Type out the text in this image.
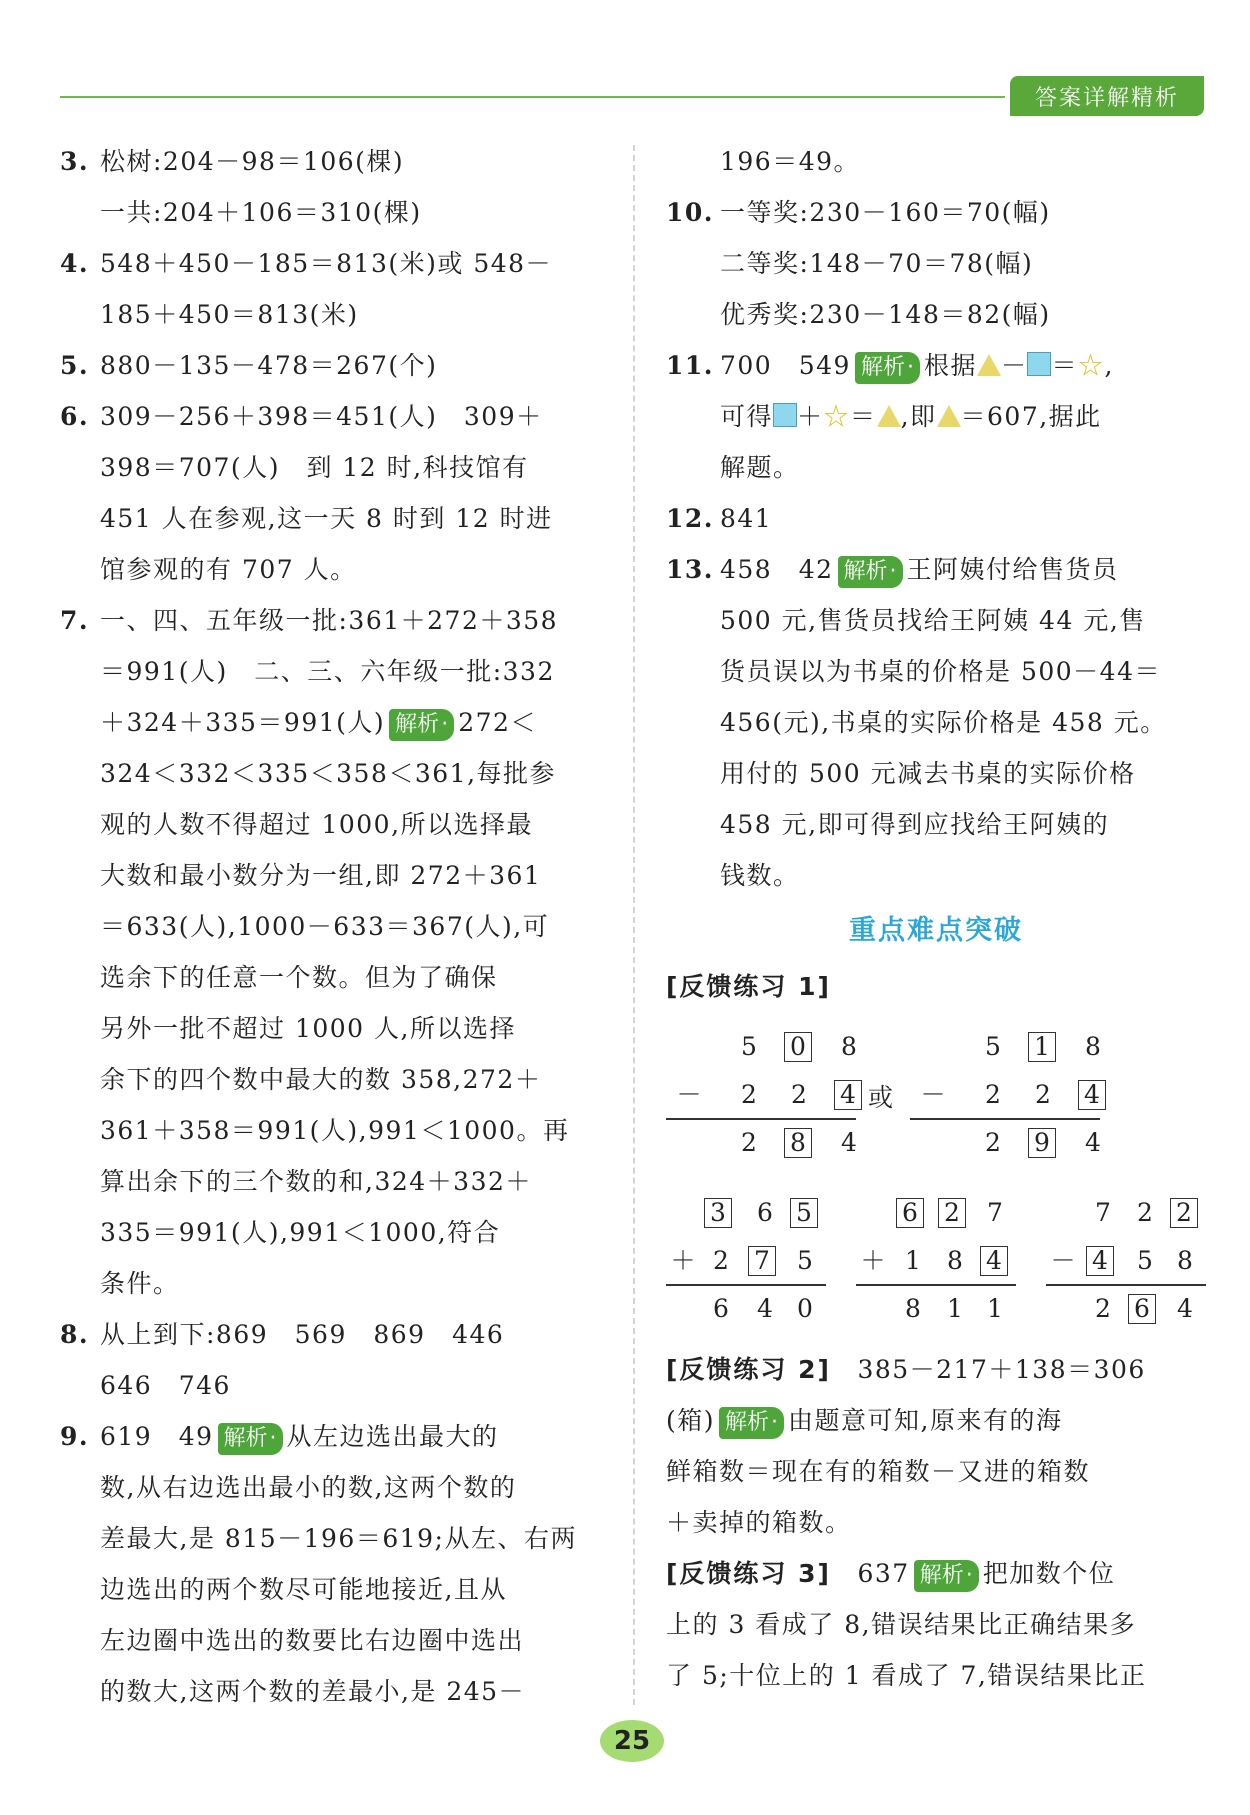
答案详解精析
3. 松树:204－98＝106(棵)
一共:204＋106＝310(棵)
4. 548＋450－185＝813(米)或 548－
185＋450＝813(米)
5. 880－135－478＝267(个)
6. 309－256＋398＝451(人)　309＋
398＝707(人)　到 12 时,科技馆有
451 人在参观,这一天 8 时到 12 时进
馆参观的有 707 人。
7. 一、四、五年级一批:361＋272＋358
＝991(人)　二、三、六年级一批:332
＋324＋335＝991(人) 解析 · 272＜
324＜332＜335＜358＜361,每批参
观的人数不得超过 1000,所以选择最
大数和最小数分为一组,即 272＋361
＝633(人),1000－633＝367(人),可
选余下的任意一个数。但为了确保
另外一批不超过 1000 人,所以选择
余下的四个数中最大的数 358,272＋
361＋358＝991(人),991＜1000。再
算出余下的三个数的和,324＋332＋
335＝991(人),991＜1000,符合
条件。
8. 从上到下:869　569　869　446
646　746
9. 619　49 解析 · 从左边选出最大的
数,从右边选出最小的数,这两个数的
差最大,是 815－196＝619;从左、右两
边选出的两个数尽可能地接近,且从
左边圈中选出的数要比右边圈中选出
的数大,这两个数的差最小,是 245－
196＝49。
10. 一等奖:230－160＝70(幅)
二等奖:148－70＝78(幅)
优秀奖:230－148＝82(幅)
11. 700　549 解析 · 根据 － ＝☆,
可得 ＋☆＝ ,即 ＝607,据此
解题。
12. 841
13. 458　42 解析 · 王阿姨付给售货员
500 元,售货员找给王阿姨 44 元,售
货员误以为书桌的价格是 500－44＝
456(元),书桌的实际价格是 458 元。
用付的 500 元减去书桌的实际价格
458 元,即可得到应找给王阿姨的
钱数。
重点难点突破
[反馈练习 1]
5 0 8
－ 2 2 4
2 8 4
或
5 1 8
－ 2 2 4
2 9 4
3 6 5
＋ 2 7 5
6 4 0
6 2 7
＋ 1 8 4
8 1 1
7 2 2
－ 4 5 8
2 6 4
[反馈练习 2]　 385－217＋138＝306
(箱) 解析 · 由题意可知,原来有的海
鲜箱数＝现在有的箱数－又进的箱数
＋卖掉的箱数。
[反馈练习 3]　 637 解析 · 把加数个位
上的 3 看成了 8,错误结果比正确结果多
了 5;十位上的 1 看成了 7,错误结果比正
25
